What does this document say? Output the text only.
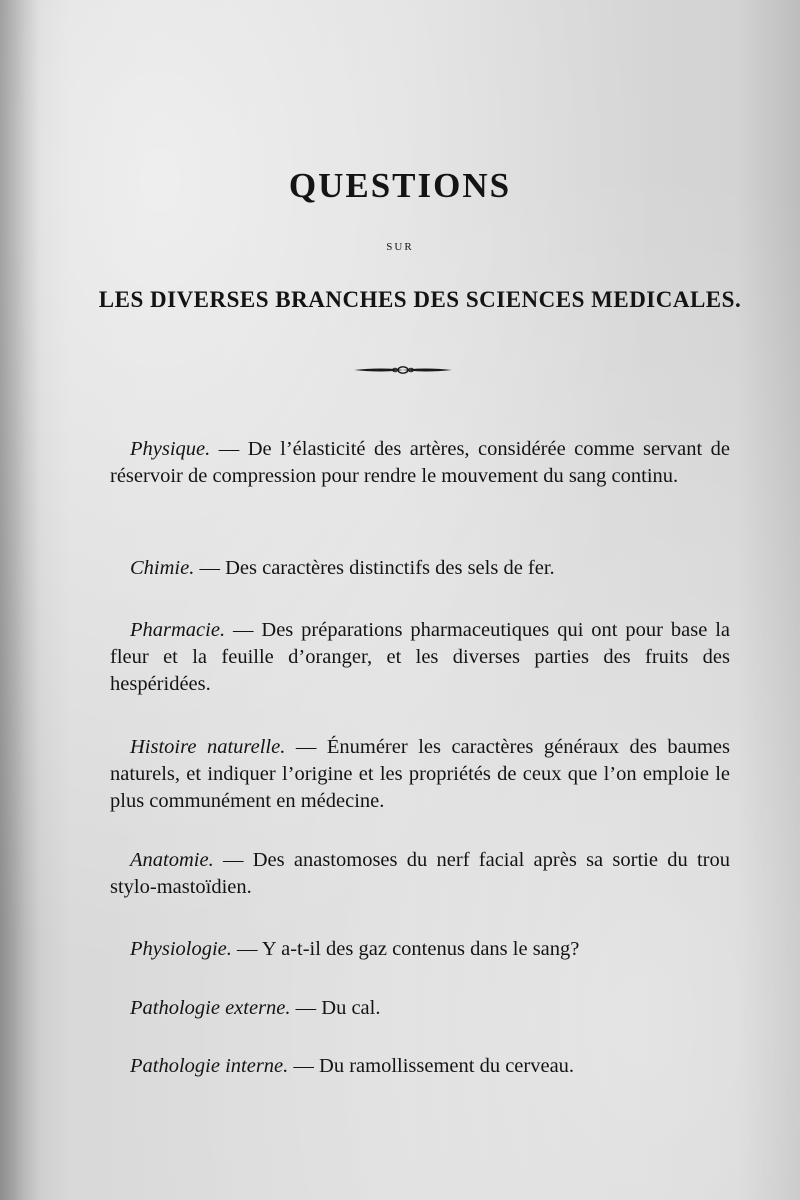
QUESTIONS
SUR
LES DIVERSES BRANCHES DES SCIENCES MEDICALES.

Physique. — De l’élasticité des artères, considérée comme servant de réservoir de compression pour rendre le mouvement du sang continu.

Chimie. — Des caractères distinctifs des sels de fer.

Pharmacie. — Des préparations pharmaceutiques qui ont pour base la fleur et la feuille d’oranger, et les diverses parties des fruits des hespéridées.

Histoire naturelle. — Énumérer les caractères généraux des baumes naturels, et indiquer l’origine et les propriétés de ceux que l’on emploie le plus communément en médecine.

Anatomie. — Des anastomoses du nerf facial après sa sortie du trou stylo-mastoïdien.

Physiologie. — Y a-t-il des gaz contenus dans le sang?

Pathologie externe. — Du cal.

Pathologie interne. — Du ramollissement du cerveau.
